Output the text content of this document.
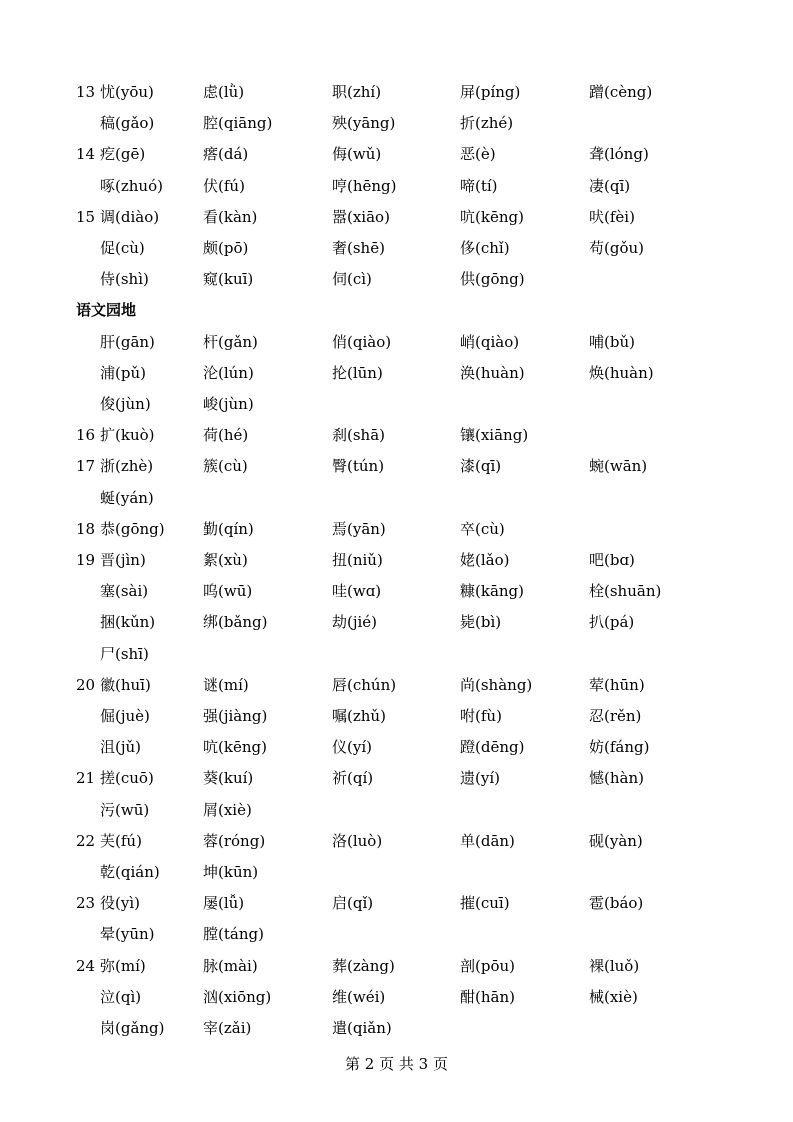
13 忧(yōu)	虑(lǜ)	职(zhí)	屏(píng)	蹭(cèng)
稿(gǎo)	腔(qiāng)	殃(yāng)	折(zhé)
14 疙(gē)	瘩(dá)	侮(wǔ)	恶(è)	聋(lóng)
啄(zhuó)	伏(fú)	哼(hēng)	啼(tí)	凄(qī)
15 调(diào)	看(kàn)	嚣(xiāo)	吭(kēng)	吠(fèi)
促(cù)	颇(pō)	奢(shē)	侈(chǐ)	苟(gǒu)
侍(shì)	窥(kuī)	伺(cì)	供(gōng)
语文园地
肝(gān)	杆(gǎn)	俏(qiào)	峭(qiào)	哺(bǔ)
浦(pǔ)	沦(lún)	抡(lūn)	涣(huàn)	焕(huàn)
俊(jùn)	峻(jùn)
16 扩(kuò)	荷(hé)	刹(shā)	镶(xiāng)
17 浙(zhè)	簇(cù)	臀(tún)	漆(qī)	蜿(wān)
蜒(yán)
18 恭(gōng)	勤(qín)	焉(yān)	卒(cù)
19 晋(jìn)	絮(xù)	扭(niǔ)	姥(lǎo)	吧(bɑ)
塞(sài)	呜(wū)	哇(wɑ)	糠(kāng)	栓(shuān)
捆(kǔn)	绑(bǎng)	劫(jié)	毙(bì)	扒(pá)
尸(shī)
20 徽(huī)	谜(mí)	唇(chún)	尚(shàng)	荤(hūn)
倔(juè)	强(jiàng)	嘱(zhǔ)	咐(fù)	忍(rěn)
沮(jǔ)	吭(kēng)	仪(yí)	蹬(dēng)	妨(fáng)
21 搓(cuō)	葵(kuí)	祈(qí)	遗(yí)	憾(hàn)
污(wū)	屑(xiè)
22 芙(fú)	蓉(róng)	洛(luò)	单(dān)	砚(yàn)
乾(qián)	坤(kūn)
23 役(yì)	屡(lǚ)	启(qǐ)	摧(cuī)	雹(báo)
晕(yūn)	膛(táng)
24 弥(mí)	脉(mài)	葬(zàng)	剖(pōu)	裸(luǒ)
泣(qì)	汹(xiōng)	维(wéi)	酣(hān)	械(xiè)
岗(gǎng)	宰(zǎi)	遣(qiǎn)
第 2 页 共 3 页
